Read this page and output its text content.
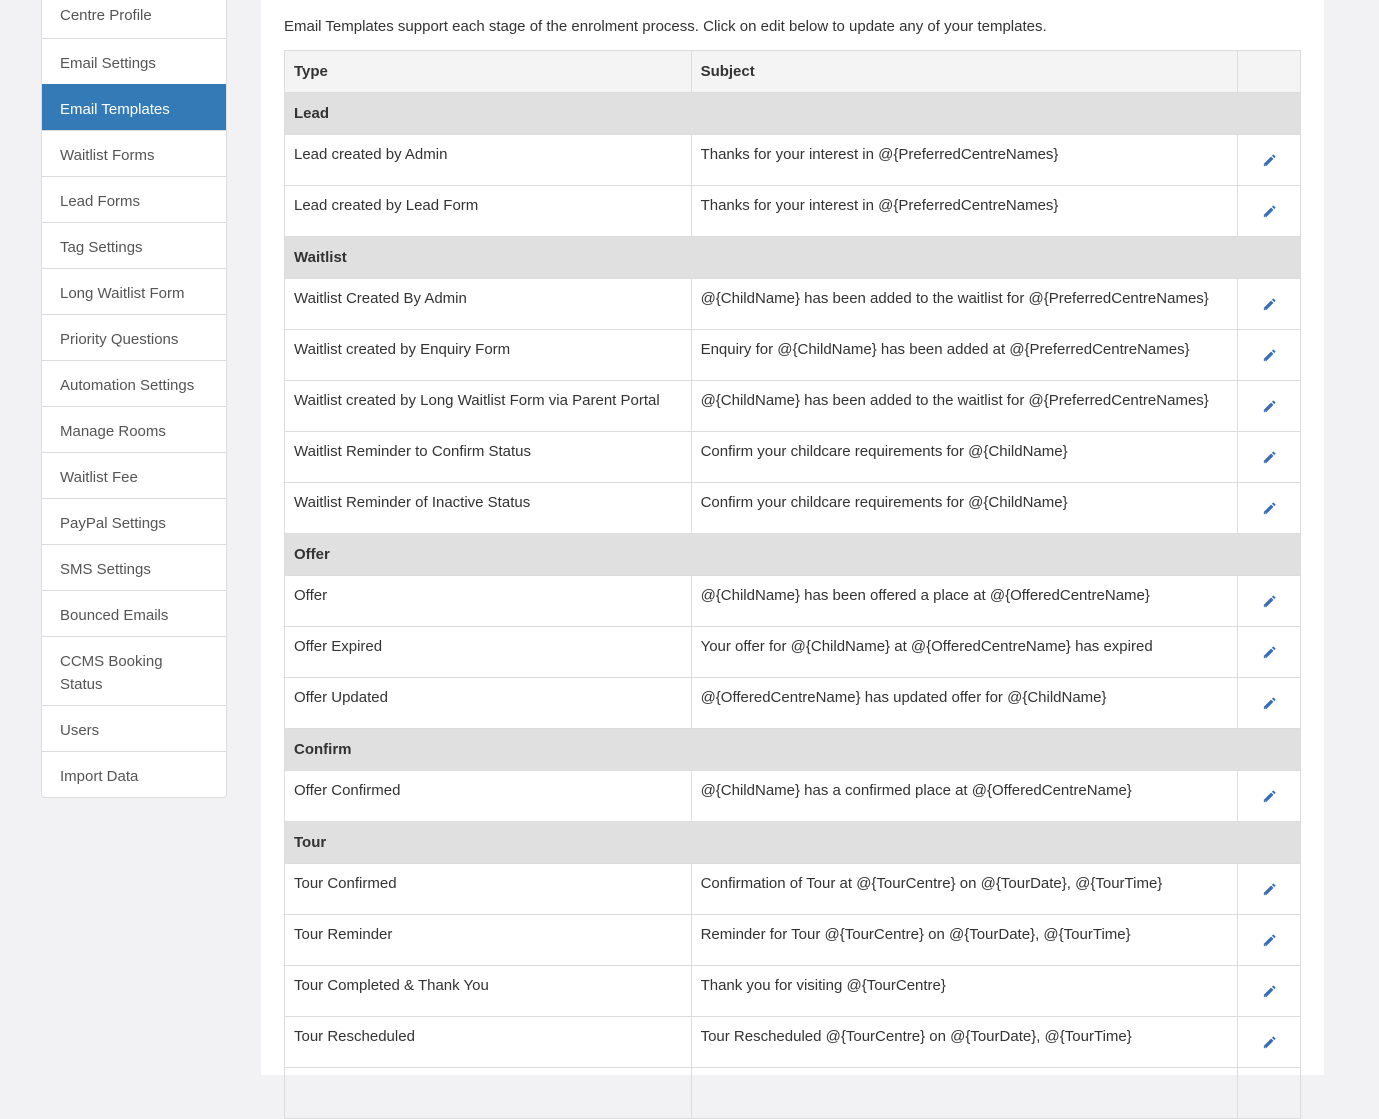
Centre Profile
Email Settings
Email Templates
Waitlist Forms
Lead Forms
Tag Settings
Long Waitlist Form
Priority Questions
Automation Settings
Manage Rooms
Waitlist Fee
PayPal Settings
SMS Settings
Bounced Emails
CCMS Booking Status
Users
Import Data
Email Templates support each stage of the enrolment process. Click on edit below to update any of your templates.
Type	Subject	
Lead		
Lead created by Admin	Thanks for your interest in @{PreferredCentreNames}	
Lead created by Lead Form	Thanks for your interest in @{PreferredCentreNames}	
Waitlist		
Waitlist Created By Admin	@{ChildName} has been added to the waitlist for @{PreferredCentreNames}	
Waitlist created by Enquiry Form	Enquiry for @{ChildName} has been added at @{PreferredCentreNames}	
Waitlist created by Long Waitlist Form via Parent Portal	@{ChildName} has been added to the waitlist for @{PreferredCentreNames}	
Waitlist Reminder to Confirm Status	Confirm your childcare requirements for @{ChildName}	
Waitlist Reminder of Inactive Status	Confirm your childcare requirements for @{ChildName}	
Offer		
Offer	@{ChildName} has been offered a place at @{OfferedCentreName}	
Offer Expired	Your offer for @{ChildName} at @{OfferedCentreName} has expired	
Offer Updated	@{OfferedCentreName} has updated offer for @{ChildName}	
Confirm		
Offer Confirmed	@{ChildName} has a confirmed place at @{OfferedCentreName}	
Tour		
Tour Confirmed	Confirmation of Tour at @{TourCentre} on @{TourDate}, @{TourTime}	
Tour Reminder	Reminder for Tour @{TourCentre} on @{TourDate}, @{TourTime}	
Tour Completed & Thank You	Thank you for visiting @{TourCentre}	
Tour Rescheduled	Tour Rescheduled @{TourCentre} on @{TourDate}, @{TourTime}	
